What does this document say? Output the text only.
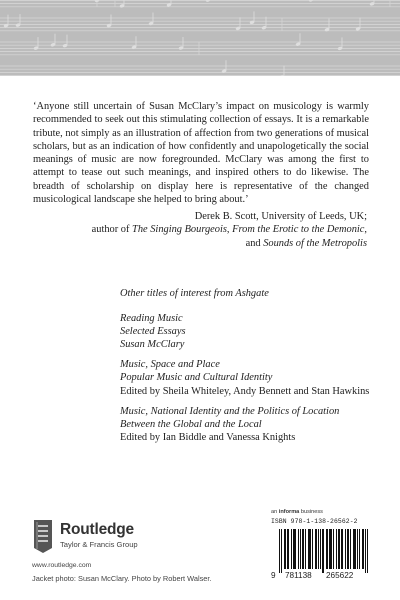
‘Anyone still uncertain of Susan McClary’s impact on musicology is warmly recommended to seek out this stimulating collection of essays. It is a remarkable tribute, not simply as an illustration of affection from two generations of musical scholars, but as an indication of how confidently and unapologetically the social meanings of music are now foregrounded. McClary was among the first to attempt to tease out such meanings, and inspired others to do likewise. The breadth of scholarship on display here is representative of the changed musicological landscape she helped to bring about.’
Derek B. Scott, University of Leeds, UK;
author of The Singing Bourgeois, From the Erotic to the Demonic,
and Sounds of the Metropolis
Other titles of interest from Ashgate
Reading Music
Selected Essays
Susan McClary
Music, Space and Place
Popular Music and Cultural Identity
Edited by Sheila Whiteley, Andy Bennett and Stan Hawkins
Music, National Identity and the Politics of Location
Between the Global and the Local
Edited by Ian Biddle and Vanessa Knights
Routledge
Taylor & Francis Group
www.routledge.com
Jacket photo: Susan McClary. Photo by Robert Walser.
an informa business
ISBN 978-1-138-26562-2
9 781138 265622
